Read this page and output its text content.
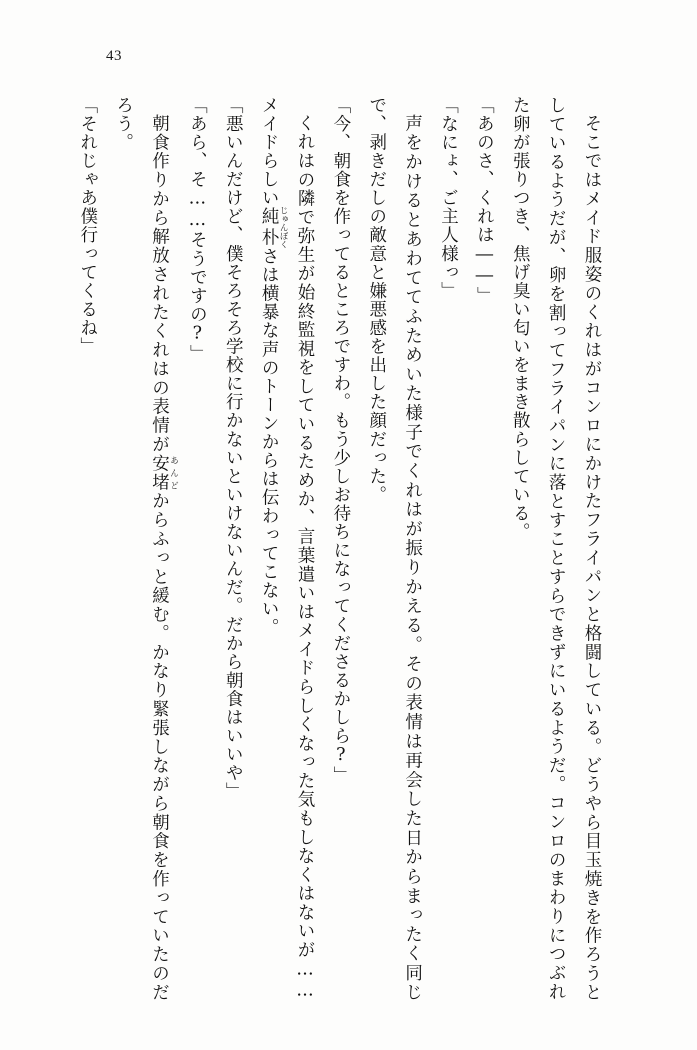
43

そこではメイド服姿のくれはがコンロにかけたフライパンと格闘している。どうやら目玉焼きを作ろうとしているようだが、卵を割ってフライパンに落とすことすらできずにいるようだ。コンロのまわりにつぶれた卵が張りつき、焦げ臭い匂いをまき散らしている。

「あのさ、くれは――」

「なにょ、ご主人様っ」

声をかけるとあわててふためいた様子でくれはが振りかえる。その表情は再会した日からまったく同じで、剥きだしの敵意と嫌悪感を出した顔だった。

「今、朝食を作ってるところですわ。もう少しお待ちになってくださるかしら?」

くれはの隣で弥生が始終監視をしているためか、言葉遣いはメイドらしくなった気もしなくはないが……メイドらしい純朴 じゅんぼくさは横暴な声のトーンからは伝わってこない。

「悪いんだけど、僕そろそろ学校に行かないといけないんだ。だから朝食はいいや」

「あら、そ……そうですの?」

朝食作りから解放されたくれはの表情が安堵 あんどからふっと緩む。かなり緊張しながら朝食を作っていたのだろう。

「それじゃあ僕行ってくるね」
